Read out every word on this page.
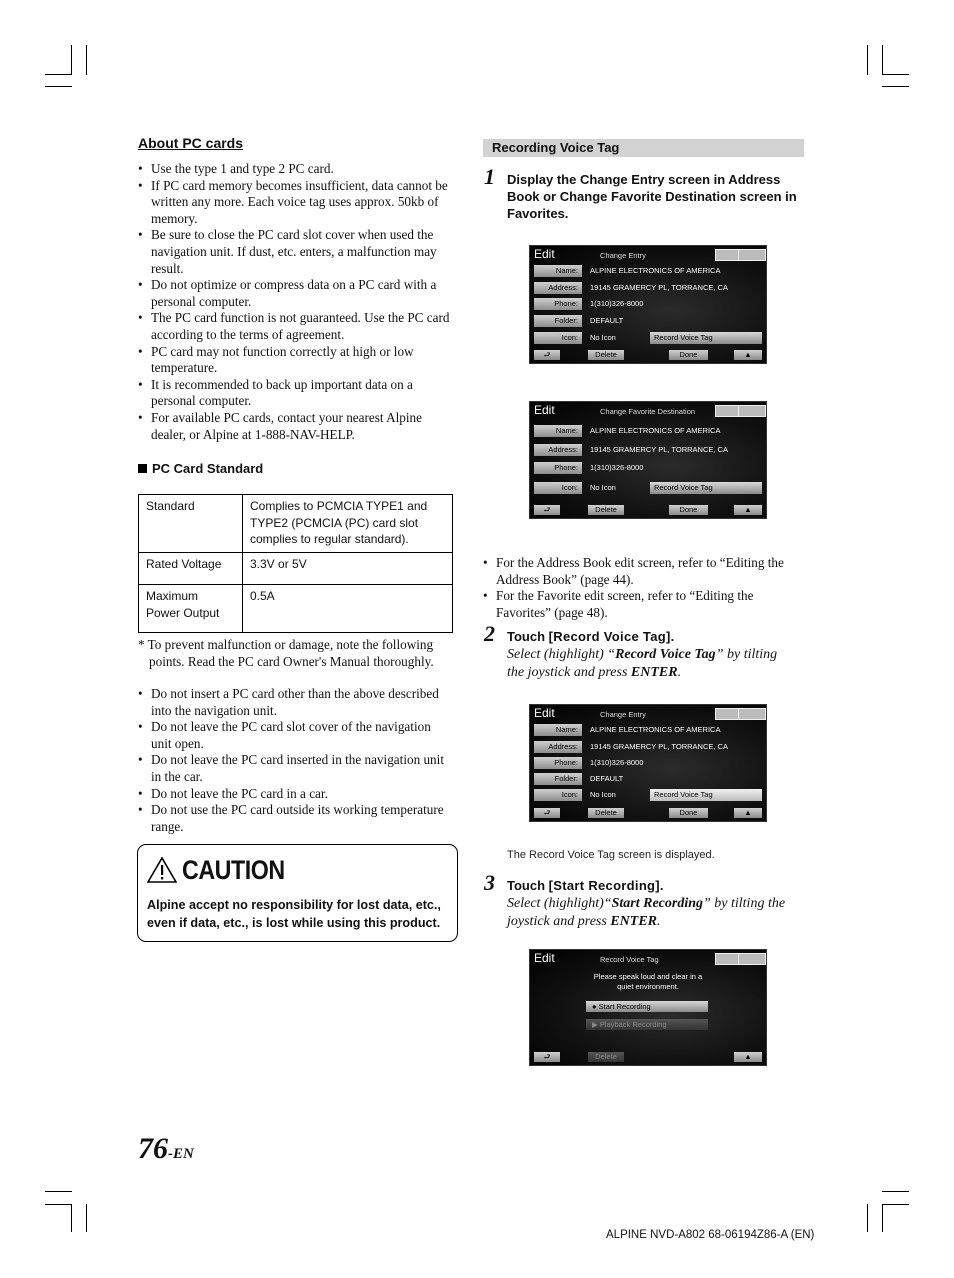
About PC cards
• Use the type 1 and type 2 PC card.
• If PC card memory becomes insufficient, data cannot be written any more. Each voice tag uses approx. 50kb of memory.
• Be sure to close the PC card slot cover when used the navigation unit. If dust, etc. enters, a malfunction may result.
• Do not optimize or compress data on a PC card with a personal computer.
• The PC card function is not guaranteed. Use the PC card according to the terms of agreement.
• PC card may not function correctly at high or low temperature.
• It is recommended to back up important data on a personal computer.
• For available PC cards, contact your nearest Alpine dealer, or Alpine at 1-888-NAV-HELP.
PC Card Standard
Standard	Complies to PCMCIA TYPE1 and TYPE2 (PCMCIA (PC) card slot complies to regular standard).
Rated Voltage	3.3V or 5V
Maximum Power Output	0.5A
* To prevent malfunction or damage, note the following points. Read the PC card Owner's Manual thoroughly.
• Do not insert a PC card other than the above described into the navigation unit.
• Do not leave the PC card slot cover of the navigation unit open.
• Do not leave the PC card inserted in the navigation unit in the car.
• Do not leave the PC card in a car.
• Do not use the PC card outside its working temperature range.
CAUTION
Alpine accept no responsibility for lost data, etc., even if data, etc., is lost while using this product.
Recording Voice Tag
1 Display the Change Entry screen in Address Book or Change Favorite Destination screen in Favorites.
Edit	Change Entry
Name:	ALPINE ELECTRONICS OF AMERICA
Address:	19145 GRAMERCY PL, TORRANCE, CA
Phone:	1(310)326-8000
Folder:	DEFAULT
Icon:	No Icon	Record Voice Tag
⮐	Delete	Done	▲
Edit	Change Favorite Destination
Name:	ALPINE ELECTRONICS OF AMERICA
Address:	19145 GRAMERCY PL, TORRANCE, CA
Phone:	1(310)326-8000
Icon:	No Icon	Record Voice Tag
⮐	Delete	Done	▲
• For the Address Book edit screen, refer to “Editing the Address Book” (page 44).
• For the Favorite edit screen, refer to “Editing the Favorites” (page 48).
2 Touch [Record Voice Tag].
Select (highlight) “Record Voice Tag” by tilting the joystick and press ENTER.
Edit	Change Entry
Name:	ALPINE ELECTRONICS OF AMERICA
Address:	19145 GRAMERCY PL, TORRANCE, CA
Phone:	1(310)326-8000
Folder:	DEFAULT
Icon:	No Icon	Record Voice Tag
⮐	Delete	Done	▲
The Record Voice Tag screen is displayed.
3 Touch [Start Recording].
Select (highlight)“Start Recording” by tilting the joystick and press ENTER.
Edit	Record Voice Tag
Please speak loud and clear in a
quiet environment.
● Start Recording
▶ Playback Recording
⮐	Delete	▲
76-EN
ALPINE NVD-A802 68-06194Z86-A (EN)
